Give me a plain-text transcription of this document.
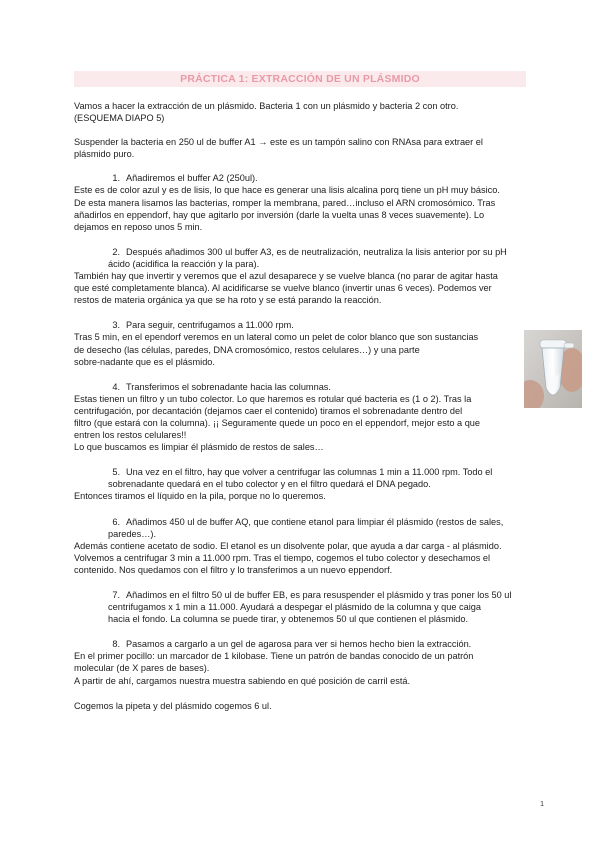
PRÁCTICA 1: EXTRACCIÓN DE UN PLÁSMIDO

Vamos a hacer la extracción de un plásmido. Bacteria 1 con un plásmido y bacteria 2 con otro.

(ESQUEMA DIAPO 5)

Suspender la bacteria en 250 ul de buffer A1 → este es un tampón salino con RNAsa para extraer el

plásmido puro.

1. Añadiremos el buffer A2 (250ul).

Este es de color azul y es de lisis, lo que hace es generar una lisis alcalina porq tiene un pH muy básico.

De esta manera lisamos las bacterias, romper la membrana, pared…incluso el ARN cromosómico. Tras

añadirlos en eppendorf, hay que agitarlo por inversión (darle la vuelta unas 8 veces suavemente). Lo

dejamos en reposo unos 5 min.

2. Después añadimos 300 ul buffer A3, es de neutralización, neutraliza la lisis anterior por su pH

ácido (acidifica la reacción y la para).

También hay que invertir y veremos que el azul desaparece y se vuelve blanca (no parar de agitar hasta

que esté completamente blanca). Al acidificarse se vuelve blanco (invertir unas 6 veces). Podemos ver

restos de materia orgánica ya que se ha roto y se está parando la reacción.

3. Para seguir, centrifugamos a 11.000 rpm.

Tras 5 min, en el ependorf veremos en un lateral como un pelet de color blanco que son sustancias

de desecho (las células, paredes, DNA cromosómico, restos celulares…) y una parte

sobre-nadante que es el plásmido.

4. Transferimos el sobrenadante hacia las columnas.

Estas tienen un filtro y un tubo colector. Lo que haremos es rotular qué bacteria es (1 o 2). Tras la

centrifugación, por decantación (dejamos caer el contenido) tiramos el sobrenadante dentro del

filtro (que estará con la columna). ¡¡ Seguramente quede un poco en el eppendorf, mejor esto a que

entren los restos celulares!!

Lo que buscamos es limpiar él plásmido de restos de sales…

5. Una vez en el filtro, hay que volver a centrifugar las columnas 1 min a 11.000 rpm. Todo el

sobrenadante quedará en el tubo colector y en el filtro quedará el DNA pegado.

Entonces tiramos el líquido en la pila, porque no lo queremos.

6. Añadimos 450 ul de buffer AQ, que contiene etanol para limpiar él plásmido (restos de sales,

paredes…).

Además contiene acetato de sodio. El etanol es un disolvente polar, que ayuda a dar carga - al plásmido.

Volvemos a centrifugar 3 min a 11.000 rpm. Tras el tiempo, cogemos el tubo colector y desechamos el

contenido. Nos quedamos con el filtro y lo transferimos a un nuevo eppendorf.

7. Añadimos en el filtro 50 ul de buffer EB, es para resuspender el plásmido y tras poner los 50 ul

centrifugamos x 1 min a 11.000. Ayudará a despegar el plásmido de la columna y que caiga

hacia el fondo. La columna se puede tirar, y obtenemos 50 ul que contienen el plásmido.

8. Pasamos a cargarlo a un gel de agarosa para ver si hemos hecho bien la extracción.

En el primer pocillo: un marcador de 1 kilobase. Tiene un patrón de bandas conocido de un patrón

molecular (de X pares de bases).

A partir de ahí, cargamos nuestra muestra sabiendo en qué posición de carril está.

Cogemos la pipeta y del plásmido cogemos 6 ul.

1
